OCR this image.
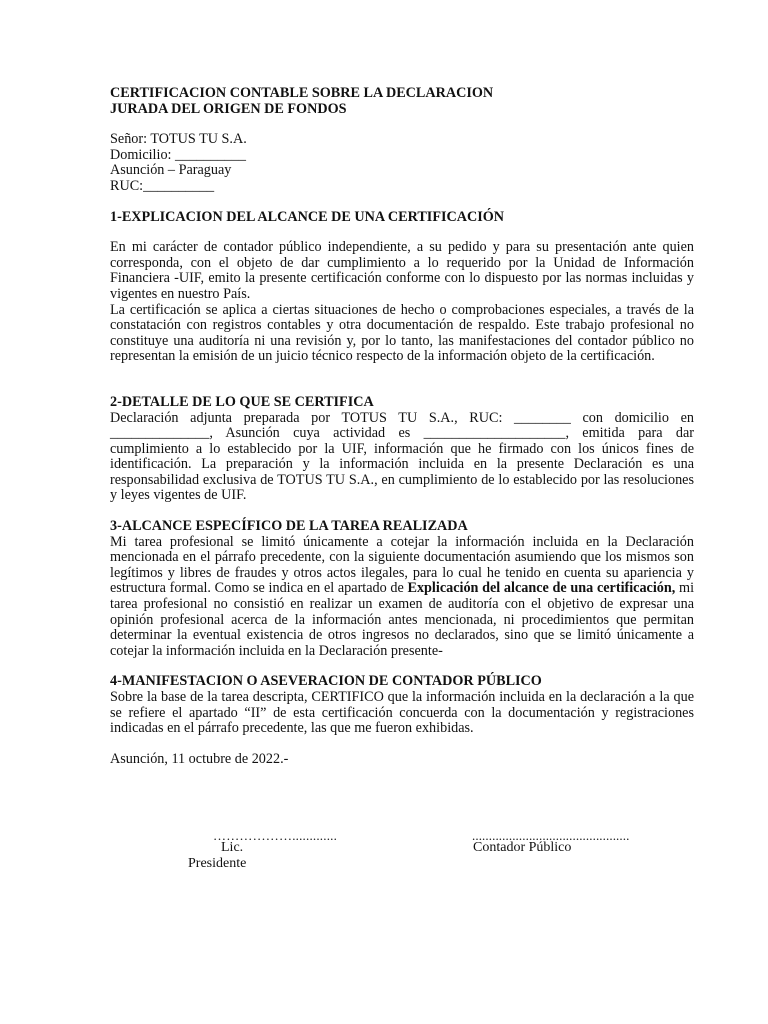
CERTIFICACION CONTABLE SOBRE LA DECLARACION

JURADA DEL ORIGEN DE FONDOS

Señor: TOTUS TU S.A.

Domicilio: __________

Asunción – Paraguay

RUC:__________

1-EXPLICACION DEL ALCANCE DE UNA CERTIFICACIÓN

En mi carácter de contador público independiente, a su pedido y para su presentación ante quien corresponda, con el objeto de dar cumplimiento a lo requerido por la Unidad de Información Financiera -UIF, emito la presente certificación conforme con lo dispuesto por las normas incluidas y vigentes en nuestro País.

La certificación se aplica a ciertas situaciones de hecho o comprobaciones especiales, a través de la constatación con registros contables y otra documentación de respaldo. Este trabajo profesional no constituye una auditoría ni una revisión y, por lo tanto, las manifestaciones del contador público no representan la emisión de un juicio técnico respecto de la información objeto de la certificación.

2-DETALLE DE LO QUE SE CERTIFICA

Declaración adjunta preparada por TOTUS TU S.A., RUC: ________ con domicilio en ______________, Asunción cuya actividad es ____________________, emitida para dar cumplimiento a lo establecido por la UIF, información que he firmado con los únicos fines de identificación. La preparación y la información incluida en la presente Declaración es una responsabilidad exclusiva de TOTUS TU S.A., en cumplimiento de lo establecido por las resoluciones y leyes vigentes de UIF.

3-ALCANCE ESPECÍFICO DE LA TAREA REALIZADA

Mi tarea profesional se limitó únicamente a cotejar la información incluida en la Declaración mencionada en el párrafo precedente, con la siguiente documentación asumiendo que los mismos son legítimos y libres de fraudes y otros actos ilegales, para lo cual he tenido en cuenta su apariencia y estructura formal. Como se indica en el apartado de Explicación del alcance de una certificación, mi tarea profesional no consistió en realizar un examen de auditoría con el objetivo de expresar una opinión profesional acerca de la información antes mencionada, ni procedimientos que permitan determinar la eventual existencia de otros ingresos no declarados, sino que se limitó únicamente a cotejar la información incluida en la Declaración presente-

4-MANIFESTACION O ASEVERACION DE CONTADOR PÚBLICO

Sobre la base de la tarea descripta, CERTIFICO que la información incluida en la declaración a la que se refiere el apartado “II” de esta certificación concuerda con la documentación y registraciones indicadas en el párrafo precedente, las que me fueron exhibidas.

Asunción, 11 octubre de 2022.-

……………….............
Lic.
Presidente
...............................................
Contador Público
